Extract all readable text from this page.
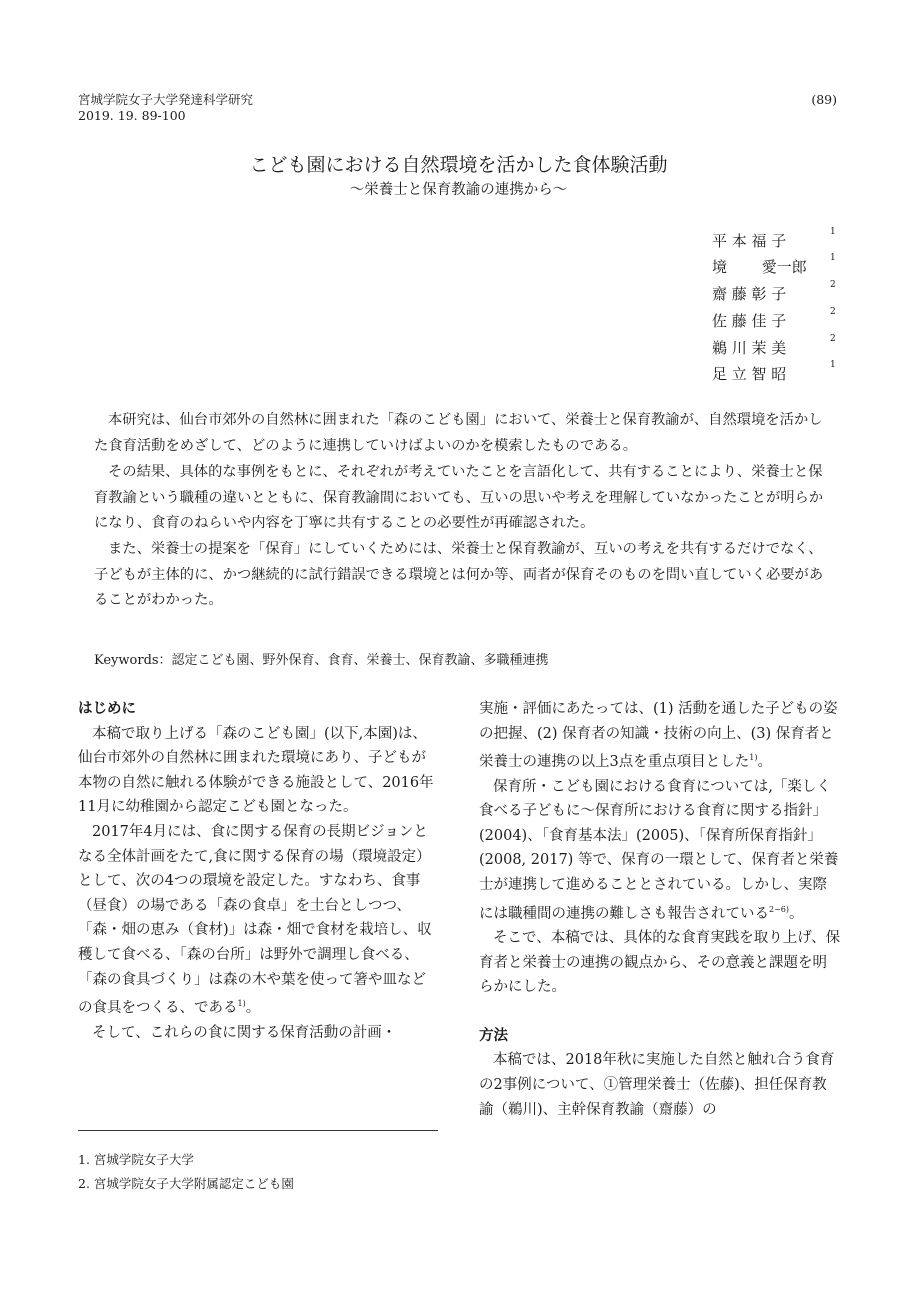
宮城学院女子大学発達科学研究
2019. 19. 89-100
(89)
こども園における自然環境を活かした食体験活動
～栄養士と保育教諭の連携から～
平 本 福 子	$^1$
境 　　愛一郎	$^1$
齋 藤 彰 子	$^2$
佐 藤 佳 子	$^2$
鵜 川 茉 美	$^2$
足 立 智 昭	$^1$

本研究は、仙台市郊外の自然林に囲まれた「森のこども園」において、栄養士と保育教諭が、自然環境を活かした食育活動をめざして、どのように連携していけばよいのかを模索したものである。

その結果、具体的な事例をもとに、それぞれが考えていたことを言語化して、共有することにより、栄養士と保育教諭という職種の違いとともに、保育教諭間においても、互いの思いや考えを理解していなかったことが明らかになり、食育のねらいや内容を丁寧に共有することの必要性が再確認された。

また、栄養士の提案を「保育」にしていくためには、栄養士と保育教諭が、互いの考えを共有するだけでなく、子どもが主体的に、かつ継続的に試行錯誤できる環境とは何か等、両者が保育そのものを問い直していく必要があることがわかった。

Keywords：認定こども園、野外保育、食育、栄養士、保育教諭、多職種連携
はじめに

本稿で取り上げる「森のこども園」(以下,本園)は、仙台市郊外の自然林に囲まれた環境にあり、子どもが本物の自然に触れる体験ができる施設として、2016年11月に幼稚園から認定こども園となった。

2017年4月には、食に関する保育の長期ビジョンとなる全体計画をたて,食に関する保育の場（環境設定）として、次の4つの環境を設定した。すなわち、食事（昼食）の場である「森の食卓」を土台としつつ、「森・畑の恵み（食材)」は森・畑で食材を栽培し、収穫して食べる、「森の台所」は野外で調理し食べる、「森の食具づくり」は森の木や葉を使って箸や皿などの食具をつくる、である$^{1)}$。

そして、これらの食に関する保育活動の計画・

1. 宮城学院女子大学
2. 宮城学院女子大学附属認定こども園

実施・評価にあたっては、(1) 活動を通した子どもの姿の把握、(2) 保育者の知識・技術の向上、(3) 保育者と栄養士の連携の以上3点を重点項目とした$^{1)}$。

保育所・こども園における食育については,「楽しく食べる子どもに～保育所における食育に関する指針」(2004)、「食育基本法」(2005)、「保育所保育指針」(2008, 2017) 等で、保育の一環として、保育者と栄養士が連携して進めることとされている。しかし、実際には職種間の連携の難しさも報告されている$^{2\sim 6)}$。

そこで、本稿では、具体的な食育実践を取り上げ、保育者と栄養士の連携の観点から、その意義と課題を明らかにした。

方法

本稿では、2018年秋に実施した自然と触れ合う食育の2事例について、①管理栄養士（佐藤)、担任保育教諭（鵜川)、主幹保育教諭（齋藤）の
